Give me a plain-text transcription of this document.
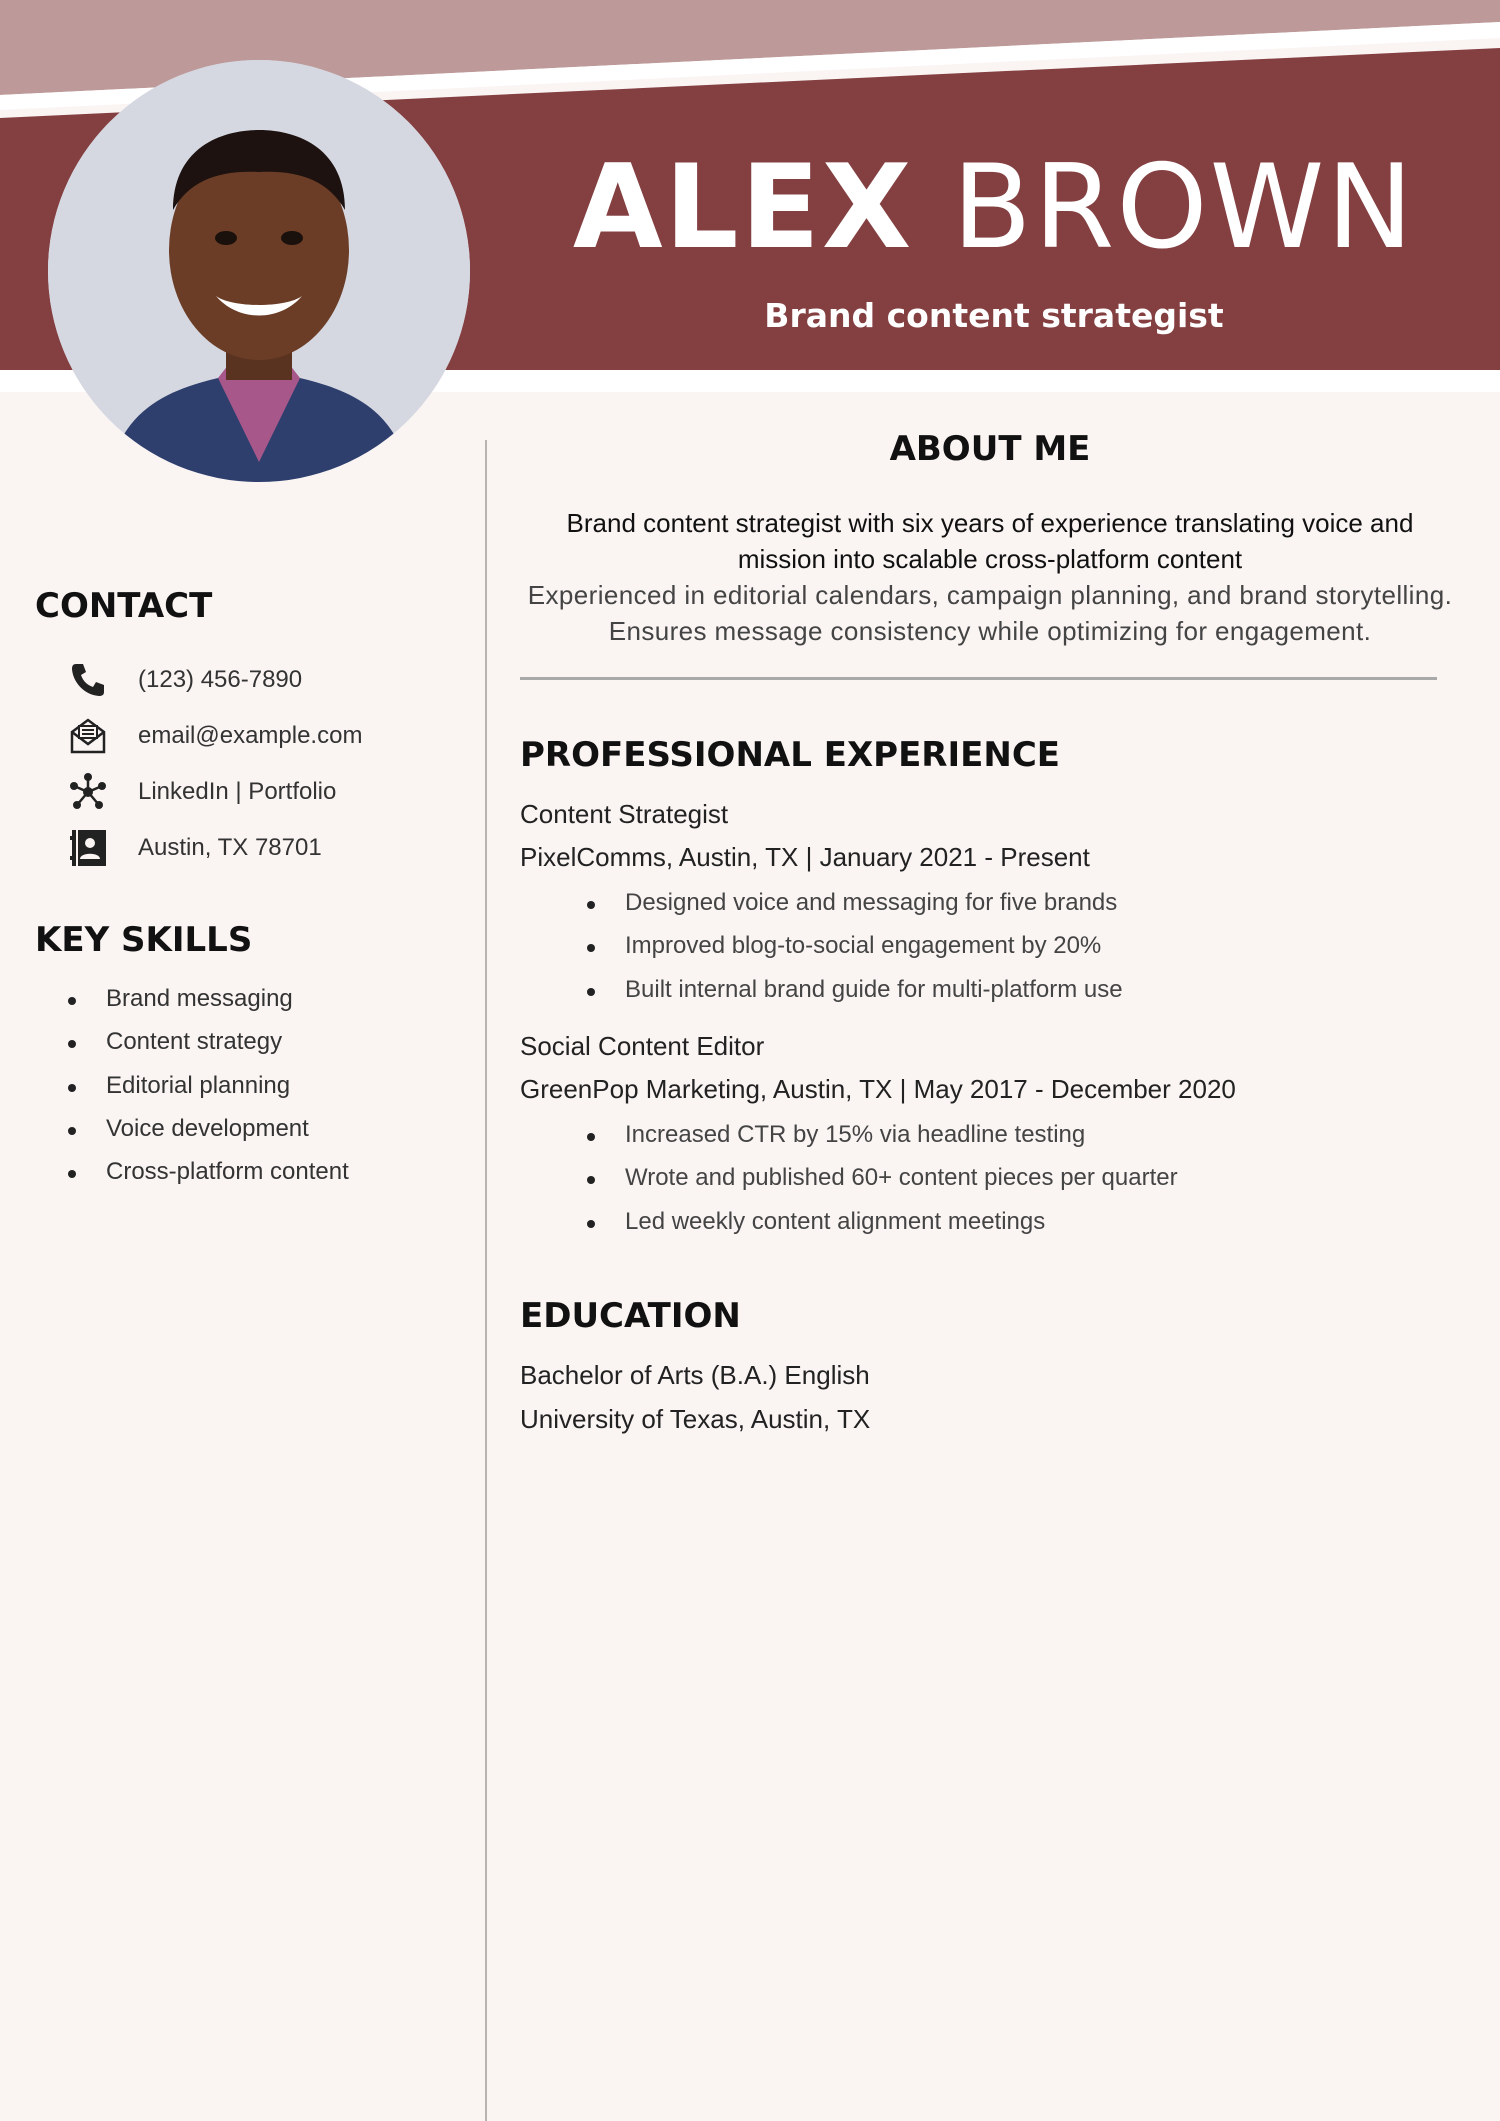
ALEX BROWN
Brand content strategist
CONTACT
(123) 456-7890
email@example.com
LinkedIn | Portfolio
Austin, TX 78701
KEY SKILLS
Brand messaging
Content strategy
Editorial planning
Voice development
Cross-platform content
ABOUT ME
Brand content strategist with six years of experience translating voice and mission into scalable cross-platform content
Experienced in editorial calendars, campaign planning, and brand storytelling. Ensures message consistency while optimizing for engagement.
PROFESSIONAL EXPERIENCE

Content Strategist

PixelComms, Austin, TX | January 2021 - Present

Designed voice and messaging for five brands
Improved blog-to-social engagement by 20%
Built internal brand guide for multi-platform use

Social Content Editor

GreenPop Marketing, Austin, TX | May 2017 - December 2020

Increased CTR by 15% via headline testing
Wrote and published 60+ content pieces per quarter
Led weekly content alignment meetings
EDUCATION

Bachelor of Arts (B.A.) English

University of Texas, Austin, TX
